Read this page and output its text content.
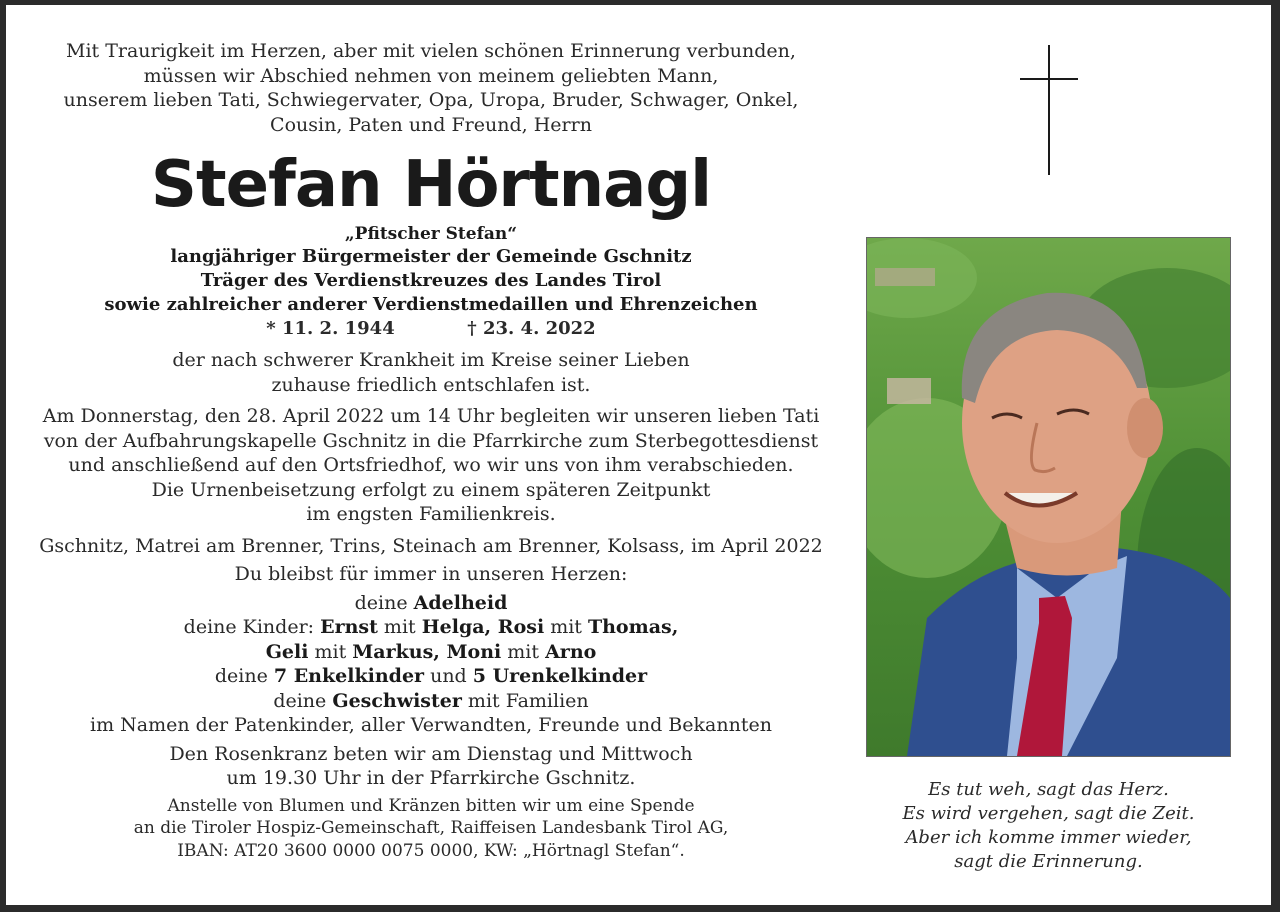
Mit Traurigkeit im Herzen, aber mit vielen schönen Erinnerung verbunden,

müssen wir Abschied nehmen von meinem geliebten Mann,

unserem lieben Tati, Schwiegervater, Opa, Uropa, Bruder, Schwager, Onkel,

Cousin, Paten und Freund, Herrn

Stefan Hörtnagl

„Pfitscher Stefan“

langjähriger Bürgermeister der Gemeinde Gschnitz

Träger des Verdienstkreuzes des Landes Tirol

sowie zahlreicher anderer Verdienstmedaillen und Ehrenzeichen

* 11. 2. 1944	† 23. 4. 2022

der nach schwerer Krankheit im Kreise seiner Lieben

zuhause friedlich entschlafen ist.

Am Donnerstag, den 28. April 2022 um 14 Uhr begleiten wir unseren lieben Tati

von der Aufbahrungskapelle Gschnitz in die Pfarrkirche zum Sterbegottesdienst

und anschließend auf den Ortsfriedhof, wo wir uns von ihm verabschieden.

Die Urnenbeisetzung erfolgt zu einem späteren Zeitpunkt

im engsten Familienkreis.

Gschnitz, Matrei am Brenner, Trins, Steinach am Brenner, Kolsass, im April 2022

Du bleibst für immer in unseren Herzen:

deine Adelheid

deine Kinder: Ernst mit Helga, Rosi mit Thomas,

Geli mit Markus, Moni mit Arno

deine 7 Enkelkinder und 5 Urenkelkinder

deine Geschwister mit Familien

im Namen der Patenkinder, aller Verwandten, Freunde und Bekannten

Den Rosenkranz beten wir am Dienstag und Mittwoch

um 19.30 Uhr in der Pfarrkirche Gschnitz.

Anstelle von Blumen und Kränzen bitten wir um eine Spende

an die Tiroler Hospiz-Gemeinschaft, Raiffeisen Landesbank Tirol AG,

IBAN: AT20 3600 0000 0075 0000, KW: „Hörtnagl Stefan“.

Es tut weh, sagt das Herz.
Es wird vergehen, sagt die Zeit.
Aber ich komme immer wieder,
sagt die Erinnerung.
